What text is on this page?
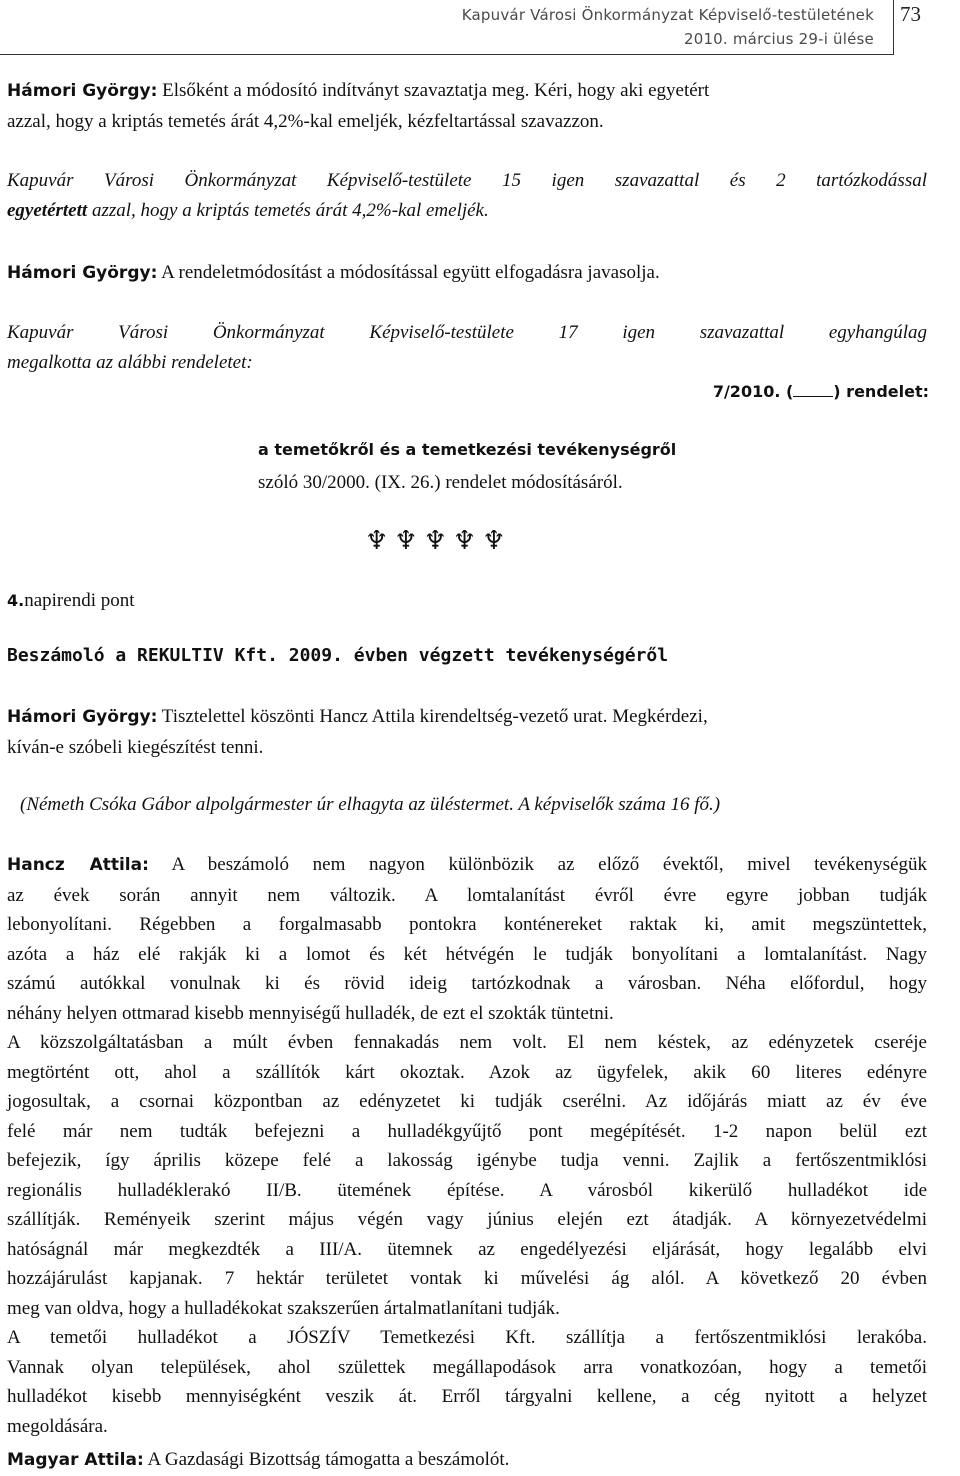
Kapuvár Városi Önkormányzat Képviselő-testületének
2010. március 29-i ülése
73
Hámori György: Elsőként a módosító indítványt szavaztatja meg. Kéri, hogy aki egyetért
azzal, hogy a kriptás temetés árát 4,2%-kal emeljék, kézfeltartással szavazzon.
Kapuvár Városi Önkormányzat Képviselő-testülete 15 igen szavazattal és 2 tartózkodással
egyetértett azzal, hogy a kriptás temetés árát 4,2%-kal emeljék.
Hámori György: A rendeletmódosítást a módosítással együtt elfogadásra javasolja.
Kapuvár Városi Önkormányzat Képviselő-testülete 17 igen szavazattal egyhangúlag
megalkotta az alábbi rendeletet:
7/2010. (	) rendelet:
a temetőkről és a temetkezési tevékenységről
szóló 30/2000. (IX. 26.) rendelet módosításáról.
♆♆♆♆♆
4.napirendi pont
Beszámoló a REKULTIV Kft. 2009. évben végzett tevékenységéről
Hámori György: Tisztelettel köszönti Hancz Attila kirendeltség-vezető urat. Megkérdezi,
kíván-e szóbeli kiegészítést tenni.
(Németh Csóka Gábor alpolgármester úr elhagyta az üléstermet. A képviselők száma 16 fő.)
Hancz Attila: A beszámoló nem nagyon különbözik az előző évektől, mivel tevékenységük
az évek során annyit nem változik. A lomtalanítást évről évre egyre jobban tudják
lebonyolítani. Régebben a forgalmasabb pontokra konténereket raktak ki, amit megszüntettek,
azóta a ház elé rakják ki a lomot és két hétvégén le tudják bonyolítani a lomtalanítást. Nagy
számú autókkal vonulnak ki és rövid ideig tartózkodnak a városban. Néha előfordul, hogy
néhány helyen ottmarad kisebb mennyiségű hulladék, de ezt el szokták tüntetni.
A közszolgáltatásban a múlt évben fennakadás nem volt. El nem késtek, az edényzetek cseréje
megtörtént ott, ahol a szállítók kárt okoztak. Azok az ügyfelek, akik 60 literes edényre
jogosultak, a csornai központban az edényzetet ki tudják cserélni. Az időjárás miatt az év éve
felé már nem tudták befejezni a hulladékgyűjtő pont megépítését. 1-2 napon belül ezt
befejezik, így április közepe felé a lakosság igénybe tudja venni. Zajlik a fertőszentmiklósi
regionális hulladéklerakó II/B. ütemének építése. A városból kikerülő hulladékot ide
szállítják. Reményeik szerint május végén vagy június elején ezt átadják. A környezetvédelmi
hatóságnál már megkezdték a III/A. ütemnek az engedélyezési eljárását, hogy legalább elvi
hozzájárulást kapjanak. 7 hektár területet vontak ki művelési ág alól. A következő 20 évben
meg van oldva, hogy a hulladékokat szakszerűen ártalmatlanítani tudják.
A temetői hulladékot a JÓSZÍV Temetkezési Kft. szállítja a fertőszentmiklósi lerakóba.
Vannak olyan települések, ahol születtek megállapodások arra vonatkozóan, hogy a temetői
hulladékot kisebb mennyiségként veszik át. Erről tárgyalni kellene, a cég nyitott a helyzet
megoldására.
Magyar Attila: A Gazdasági Bizottság támogatta a beszámolót.
